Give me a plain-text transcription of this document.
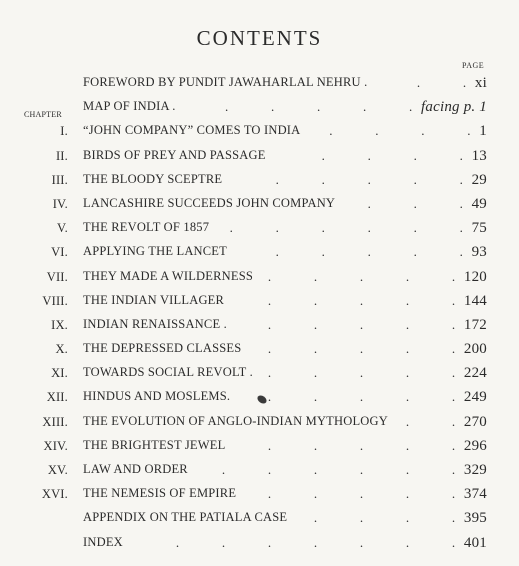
CONTENTS
PAGE
CHAPTER
FOREWORD BY PUNDIT JAWAHARLAL NEHRU .	xi
.
.
MAP OF INDIA .	facing p. 1
.
.
.
.
.
I. “JOHN COMPANY” COMES TO INDIA	1
.
.
.
.
II. BIRDS OF PREY AND PASSAGE	13
.
.
.
.
III. THE BLOODY SCEPTRE	29
.
.
.
.
.
IV. LANCASHIRE SUCCEEDS JOHN COMPANY	49
.
.
.
V. THE REVOLT OF 1857	75
.
.
.
.
.
.
VI. APPLYING THE LANCET	93
.
.
.
.
.
VII. THEY MADE A WILDERNESS	120
.
.
.
.
.
VIII. THE INDIAN VILLAGER	144
.
.
.
.
.
IX. INDIAN RENAISSANCE .	172
.
.
.
.
.
X. THE DEPRESSED CLASSES	200
.
.
.
.
.
XI. TOWARDS SOCIAL REVOLT .	224
.
.
.
.
.
XII. HINDUS AND MOSLEMS.	249
.
.
.
.
.
XIII. THE EVOLUTION OF ANGLO-INDIAN MYTHOLOGY	270
.
.
XIV. THE BRIGHTEST JEWEL	296
.
.
.
.
.
XV. LAW AND ORDER	329
.
.
.
.
.
.
XVI. THE NEMESIS OF EMPIRE	374
.
.
.
.
.
APPENDIX ON THE PATIALA CASE	395
.
.
.
.
INDEX	401
.
.
.
.
.
.
.
